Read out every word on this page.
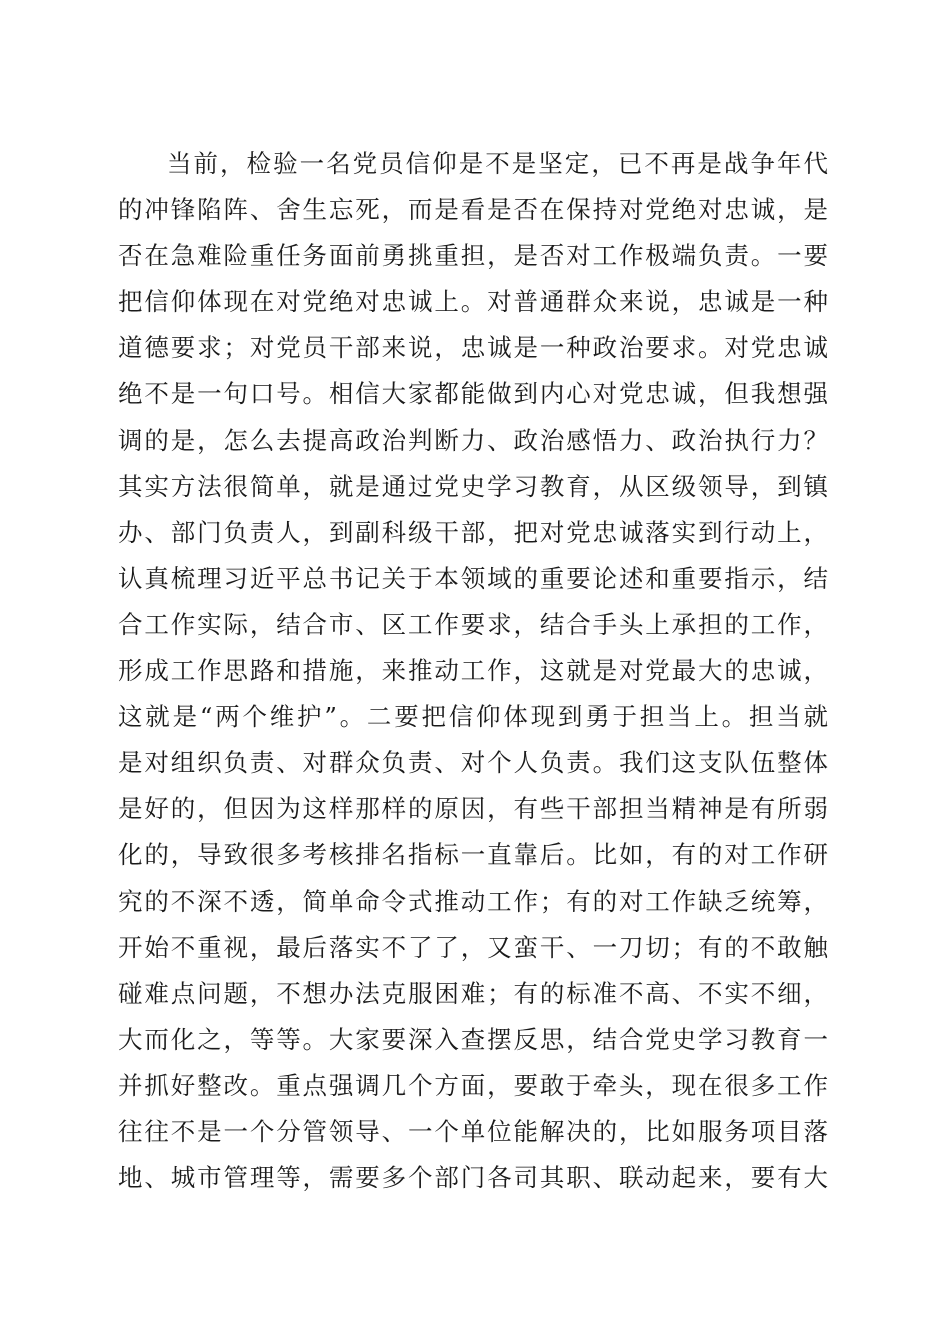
当前，检验一名党员信仰是不是坚定，已不再是战争年代
的冲锋陷阵、舍生忘死，而是看是否在保持对党绝对忠诚，是
否在急难险重任务面前勇挑重担，是否对工作极端负责。一要
把信仰体现在对党绝对忠诚上。对普通群众来说，忠诚是一种
道德要求；对党员干部来说，忠诚是一种政治要求。对党忠诚
绝不是一句口号。相信大家都能做到内心对党忠诚，但我想强
调的是，怎么去提高政治判断力、政治感悟力、政治执行力？
其实方法很简单，就是通过党史学习教育，从区级领导，到镇
办、部门负责人，到副科级干部，把对党忠诚落实到行动上，
认真梳理习近平总书记关于本领域的重要论述和重要指示，结
合工作实际，结合市、区工作要求，结合手头上承担的工作，
形成工作思路和措施，来推动工作，这就是对党最大的忠诚，
这就是“两个维护”。二要把信仰体现到勇于担当上。担当就
是对组织负责、对群众负责、对个人负责。我们这支队伍整体
是好的，但因为这样那样的原因，有些干部担当精神是有所弱
化的，导致很多考核排名指标一直靠后。比如，有的对工作研
究的不深不透，简单命令式推动工作；有的对工作缺乏统筹，
开始不重视，最后落实不了了，又蛮干、一刀切；有的不敢触
碰难点问题，不想办法克服困难；有的标准不高、不实不细，
大而化之，等等。大家要深入查摆反思，结合党史学习教育一
并抓好整改。重点强调几个方面，要敢于牵头，现在很多工作
往往不是一个分管领导、一个单位能解决的，比如服务项目落
地、城市管理等，需要多个部门各司其职、联动起来，要有大
